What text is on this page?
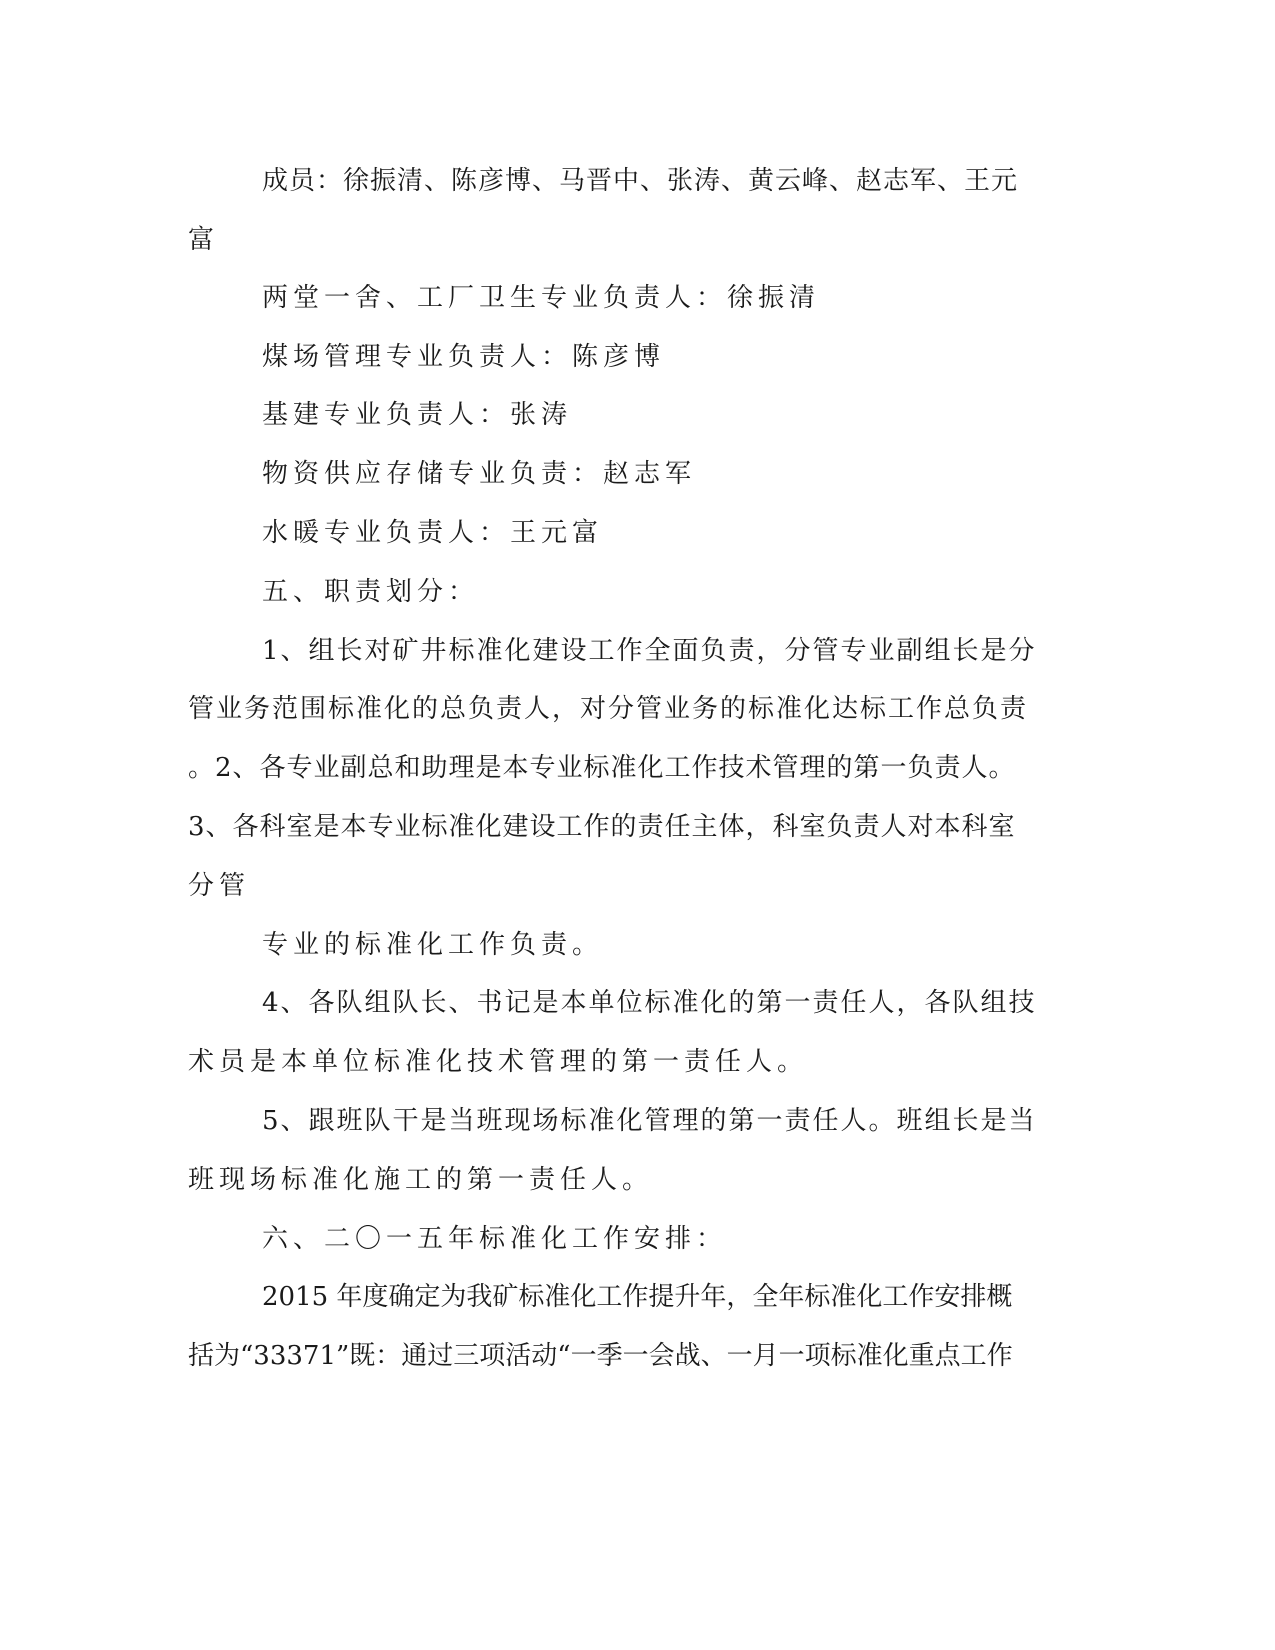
成员：徐振清、陈彦博、马晋中、张涛、黄云峰、赵志军、王元
富
两堂一舍、工厂卫生专业负责人：徐振清
煤场管理专业负责人：陈彦博
基建专业负责人：张涛
物资供应存储专业负责：赵志军
水暖专业负责人：王元富
五、职责划分：
1、组长对矿井标准化建设工作全面负责，分管专业副组长是分
管业务范围标准化的总负责人，对分管业务的标准化达标工作总负责
。2、各专业副总和助理是本专业标准化工作技术管理的第一负责人。
3、各科室是本专业标准化建设工作的责任主体，科室负责人对本科室
分管
专业的标准化工作负责。
4、各队组队长、书记是本单位标准化的第一责任人，各队组技
术员是本单位标准化技术管理的第一责任人。
5、跟班队干是当班现场标准化管理的第一责任人。班组长是当
班现场标准化施工的第一责任人。
六、二〇一五年标准化工作安排：
2015 年度确定为我矿标准化工作提升年，全年标准化工作安排概
括为“33371”既：通过三项活动“一季一会战、一月一项标准化重点工作
